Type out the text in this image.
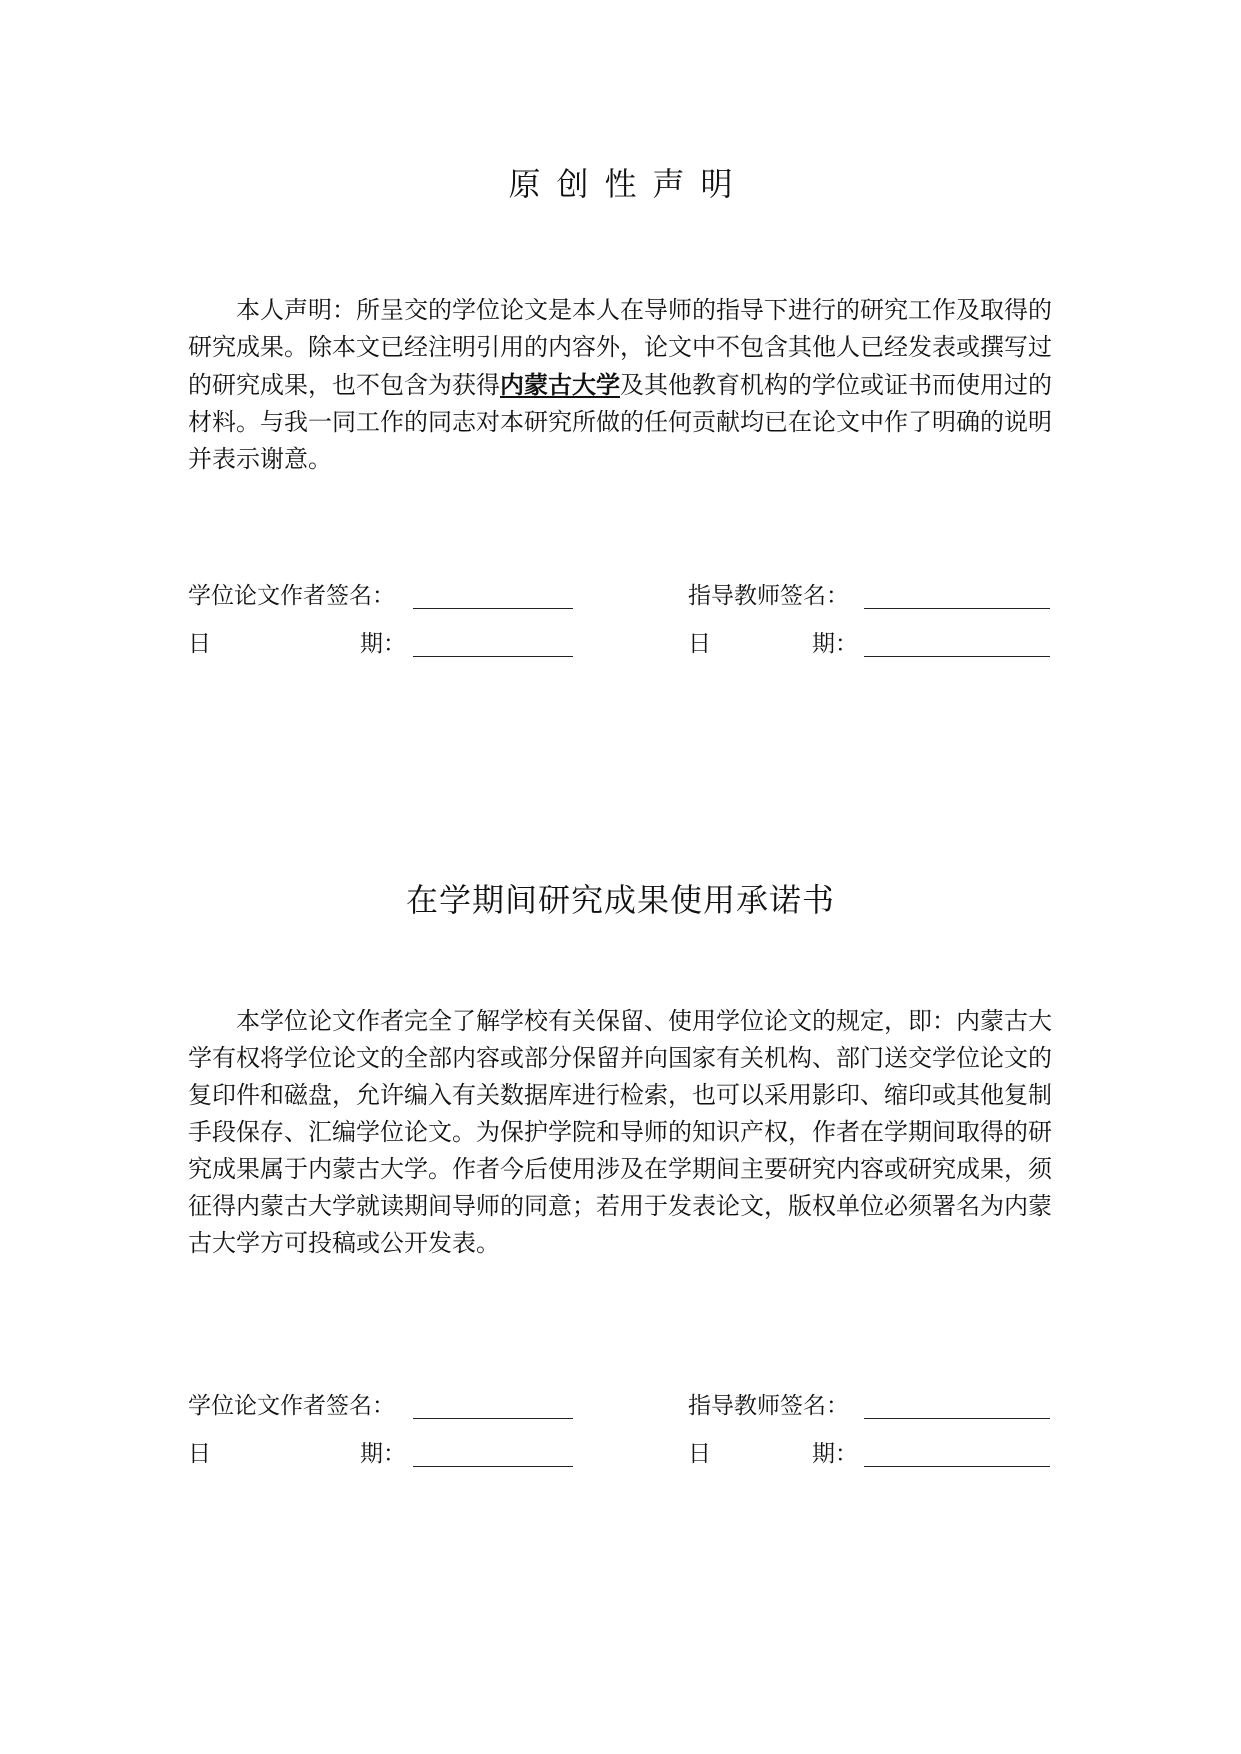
原创性声明
本人声明：所呈交的学位论文是本人在导师的指导下进行的研究工作及取得的研究成果。除本文已经注明引用的内容外，论文中不包含其他人已经发表或撰写过的研究成果，也不包含为获得内蒙古大学及其他教育机构的学位或证书而使用过的材料。与我一同工作的同志对本研究所做的任何贡献均已在论文中作了明确的说明并表示谢意。
学位论文作者签名：	指导教师签名：
日	期：	日	期：
在学期间研究成果使用承诺书
本学位论文作者完全了解学校有关保留、使用学位论文的规定，即：内蒙古大学有权将学位论文的全部内容或部分保留并向国家有关机构、部门送交学位论文的复印件和磁盘，允许编入有关数据库进行检索，也可以采用影印、缩印或其他复制手段保存、汇编学位论文。为保护学院和导师的知识产权，作者在学期间取得的研究成果属于内蒙古大学。作者今后使用涉及在学期间主要研究内容或研究成果，须征得内蒙古大学就读期间导师的同意；若用于发表论文，版权单位必须署名为内蒙古大学方可投稿或公开发表。
学位论文作者签名：	指导教师签名：
日	期：	日	期：
